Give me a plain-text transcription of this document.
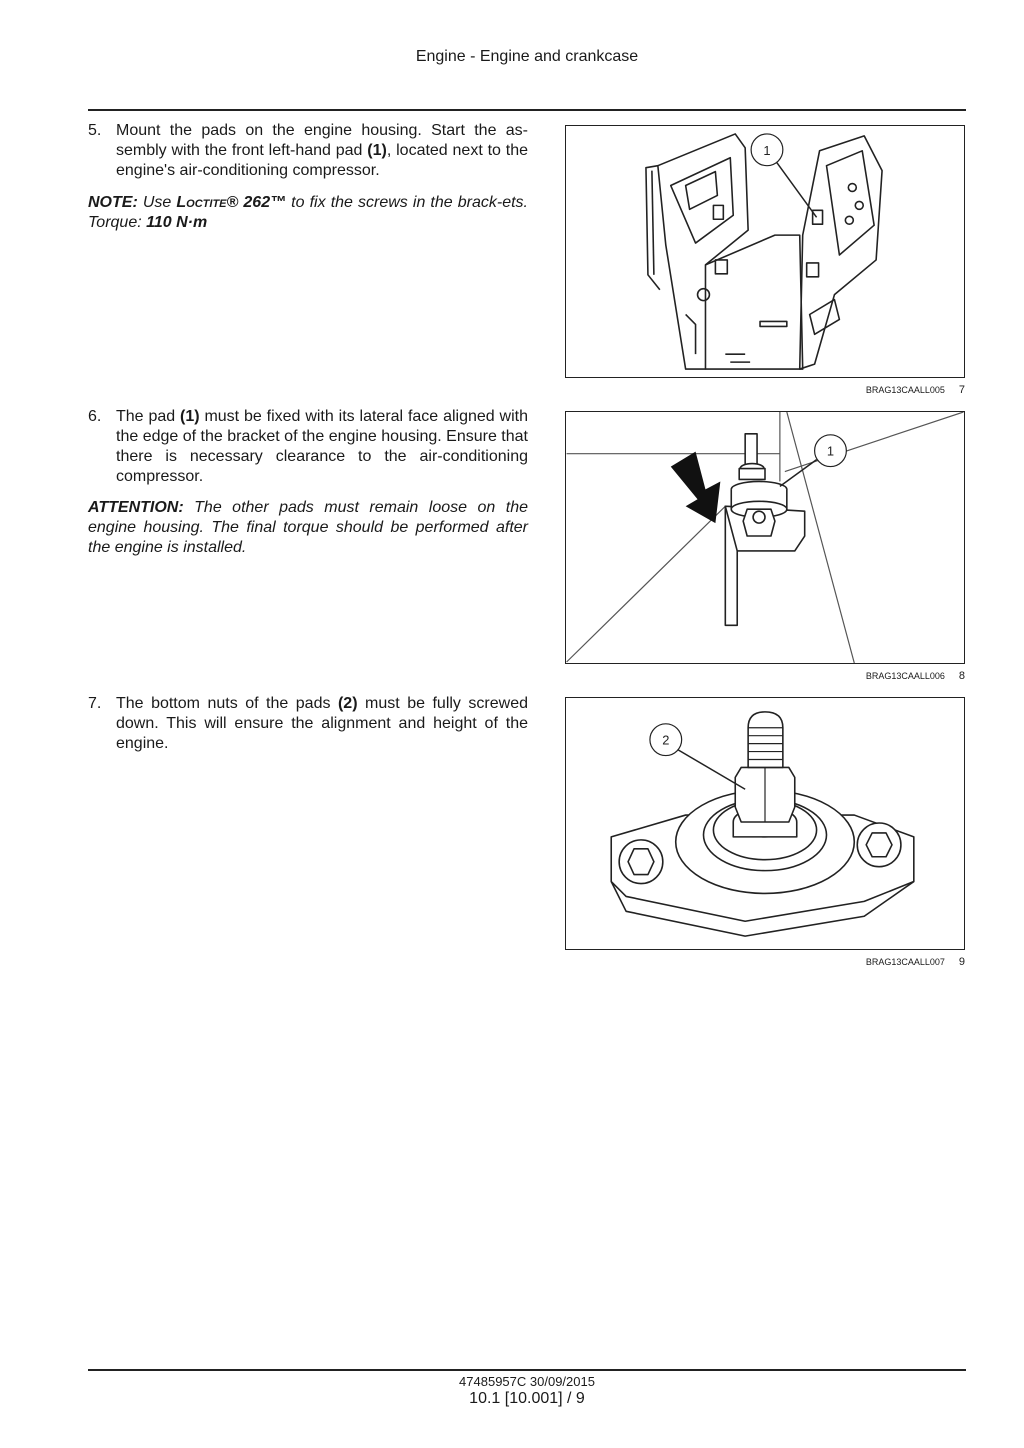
Engine - Engine and crankcase
5. Mount the pads on the engine housing. Start the as-sembly with the front left-hand pad (1), located next to the engine's air-conditioning compressor.
NOTE: Use Loctite® 262™ to fix the screws in the brack-ets. Torque: 110 N·m
1
BRAG13CAALL005 7
6. The pad (1) must be fixed with its lateral face aligned with the edge of the bracket of the engine housing. Ensure that there is necessary clearance to the air-conditioning compressor.
ATTENTION: The other pads must remain loose on the engine housing. The final torque should be performed after the engine is installed.
1
BRAG13CAALL006 8
7. The bottom nuts of the pads (2) must be fully screwed down. This will ensure the alignment and height of the engine.	2
BRAG13CAALL007 9
47485957C 30/09/2015
10.1 [10.001] / 9
